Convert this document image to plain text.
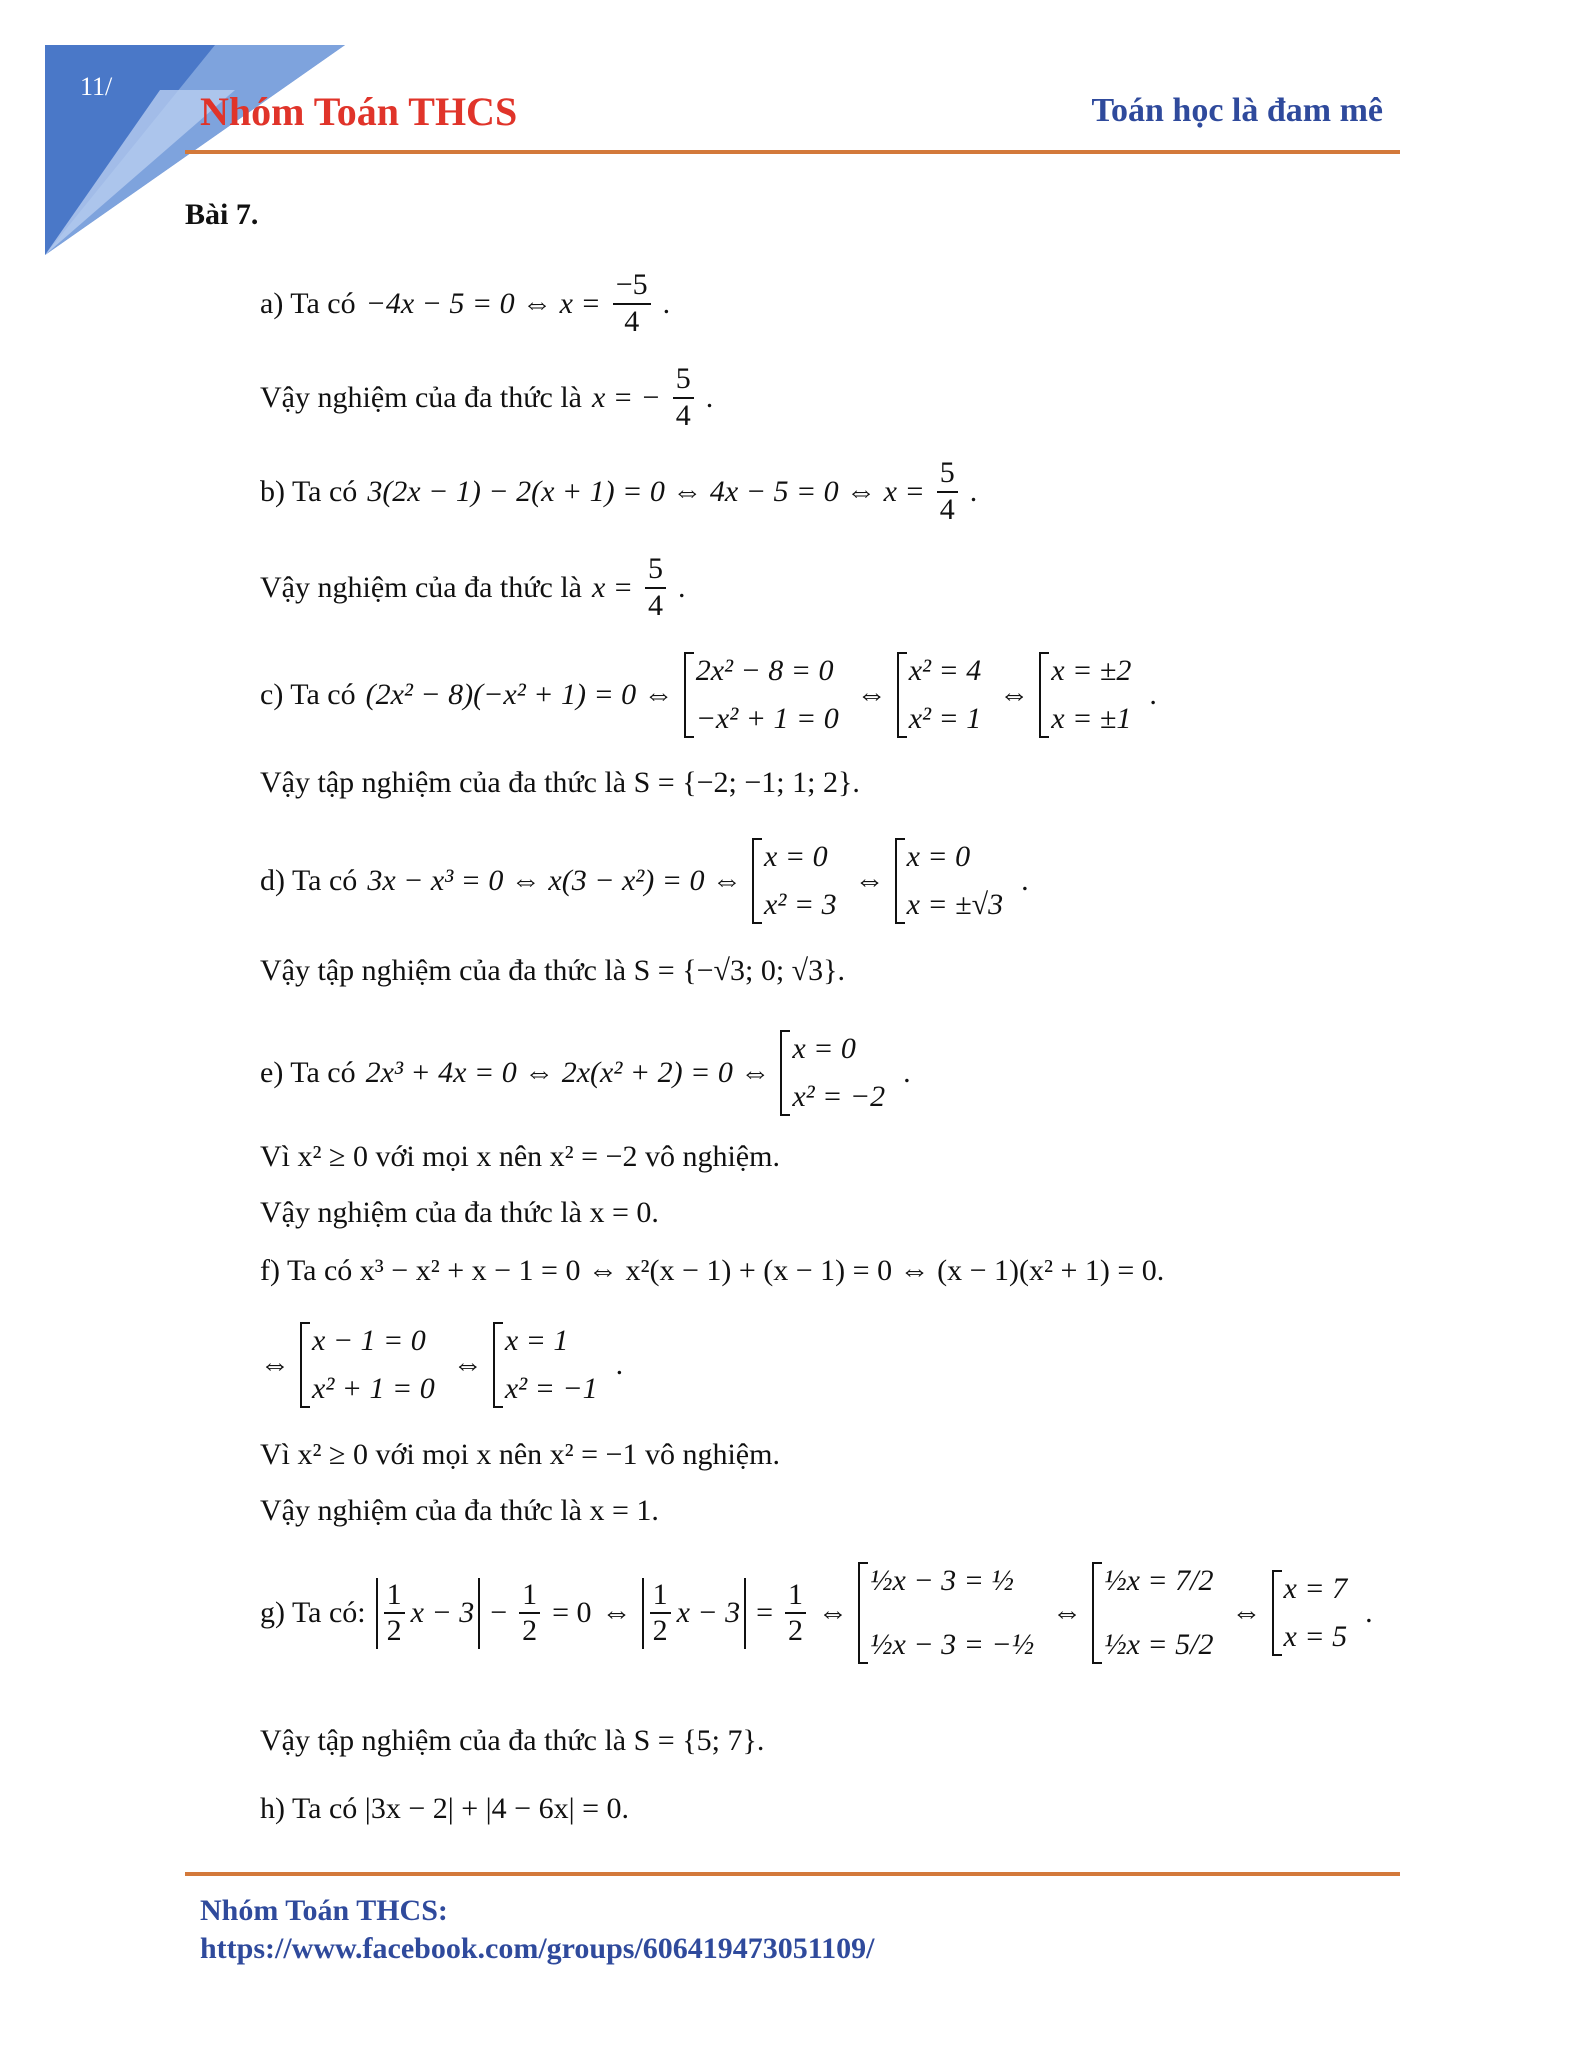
11/
Nhóm Toán THCS	Toán học là đam mê
Bài 7.
a) Ta có −4x − 5 = 0 ⇔ $x = \frac{-5}{4}$ .
Vậy nghiệm của đa thức là x = − $\frac{5}{4}$ .
b) Ta có 3(2x − 1) − 2(x + 1) = 0 ⇔ 4x − 5 = 0 ⇔ $x = \frac{5}{4}$ .
Vậy nghiệm của đa thức là $x = \frac{5}{4}$ .
c) Ta có (2x² − 8)(−x² + 1) = 0 ⇔
2x² − 8 = 0
−x² + 1 = 0
⇔
x² = 4
x² = 1
⇔
x = ±2
x = ±1
.
Vậy tập nghiệm của đa thức là S = {−2; −1; 1; 2}.
d) Ta có 3x − x³ = 0 ⇔ x(3 − x²) = 0 ⇔
x = 0
x² = 3
⇔
x = 0
x = ±√3
.
Vậy tập nghiệm của đa thức là S = {−√3; 0; √3}.
e) Ta có 2x³ + 4x = 0 ⇔ 2x(x² + 2) = 0 ⇔
x = 0
x² = −2
.
Vì x² ≥ 0 với mọi x nên x² = −2 vô nghiệm.
Vậy nghiệm của đa thức là x = 0.
f) Ta có x³ − x² + x − 1 = 0 ⇔ x²(x − 1) + (x − 1) = 0 ⇔ (x − 1)(x² + 1) = 0.
⇔
x − 1 = 0
x² + 1 = 0
⇔
x = 1
x² = −1
.
Vì x² ≥ 0 với mọi x nên x² = −1 vô nghiệm.
Vậy nghiệm của đa thức là x = 1.
g) Ta có: $\frac{1}{2}$ $x - 3 - \frac{1}{2} = 0$ ⇔ $\frac{1}{2}$ $x - 3 = \frac{1}{2}$ ⇔
½x − 3 = ½
½x − 3 = −½
⇔
½x = 7/2
½x = 5/2
⇔
x = 7
x = 5
.
Vậy tập nghiệm của đa thức là S = {5; 7}.
h) Ta có |3x − 2| + |4 − 6x| = 0.
Nhóm Toán THCS:
https://www.facebook.com/groups/606419473051109/
